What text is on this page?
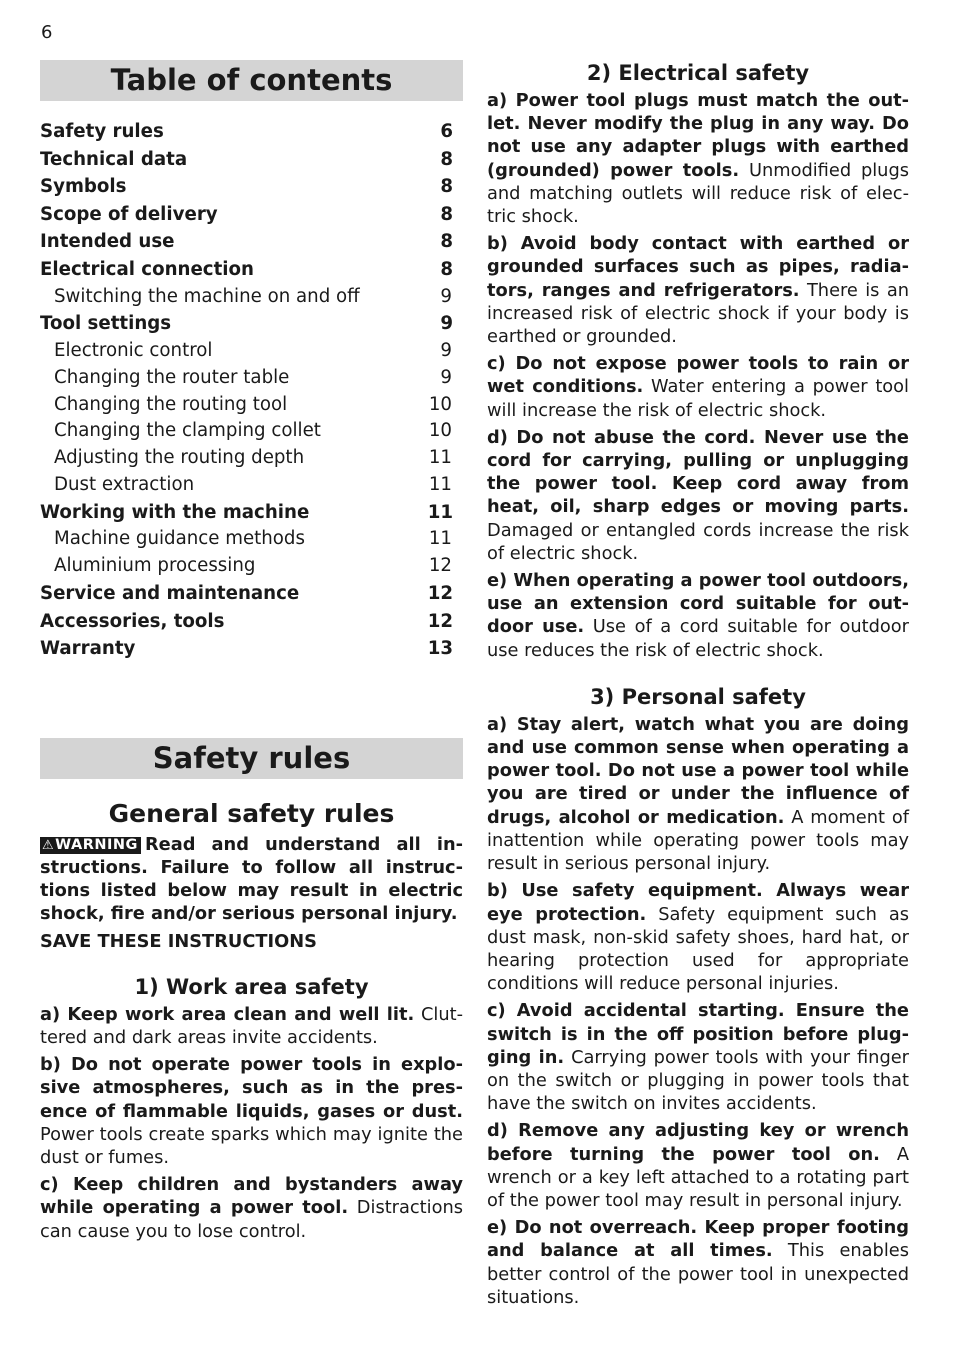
6
Table of contents
Safety rules	6
Technical data	8
Symbols	8
Scope of delivery	8
Intended use	8
Electrical connection	8
Switching the machine on and off	9
Tool settings	9
Electronic control	9
Changing the router table	9
Changing the routing tool	10
Changing the clamping collet	10
Adjusting the routing depth	11
Dust extraction	11
Working with the machine	11
Machine guidance methods	11
Aluminium processing	12
Service and maintenance	12
Accessories, tools	12
Warranty	13
Safety rules
General safety rules

⚠WARNING Read and understand all instructions. Failure to follow all instructions listed below may result in electric shock, fire and/or serious personal injury.

SAVE THESE INSTRUCTIONS

1) Work area safety

a) Keep work area clean and well lit. Cluttered and dark areas invite accidents.

b) Do not operate power tools in explosive atmospheres, such as in the presence of flammable liquids, gases or dust. Power tools create sparks which may ignite the dust or fumes.

c) Keep children and bystanders away while operating a power tool. Distractions can cause you to lose control.

2) Electrical safety

a) Power tool plugs must match the outlet. Never modify the plug in any way. Do not use any adapter plugs with earthed (grounded) power tools. Unmodified plugs and matching outlets will reduce risk of electric shock.

b) Avoid body contact with earthed or grounded surfaces such as pipes, radiators, ranges and refrigerators. There is an increased risk of electric shock if your body is earthed or grounded.

c) Do not expose power tools to rain or wet conditions. Water entering a power tool will increase the risk of electric shock.

d) Do not abuse the cord. Never use the cord for carrying, pulling or unplugging the power tool. Keep cord away from heat, oil, sharp edges or moving parts. Damaged or entangled cords increase the risk of electric shock.

e) When operating a power tool outdoors, use an extension cord suitable for outdoor use. Use of a cord suitable for outdoor use reduces the risk of electric shock.

3) Personal safety

a) Stay alert, watch what you are doing and use common sense when operating a power tool. Do not use a power tool while you are tired or under the influence of drugs, alcohol or medication. A moment of inattention while operating power tools may result in serious personal injury.

b) Use safety equipment. Always wear eye protection. Safety equipment such as dust mask, non-skid safety shoes, hard hat, or hearing protection used for appropriate conditions will reduce personal injuries.

c) Avoid accidental starting. Ensure the switch is in the off position before plugging in. Carrying power tools with your finger on the switch or plugging in power tools that have the switch on invites accidents.

d) Remove any adjusting key or wrench before turning the power tool on. A wrench or a key left attached to a rotating part of the power tool may result in personal injury.

e) Do not overreach. Keep proper footing and balance at all times. This enables better control of the power tool in unexpected situations.
